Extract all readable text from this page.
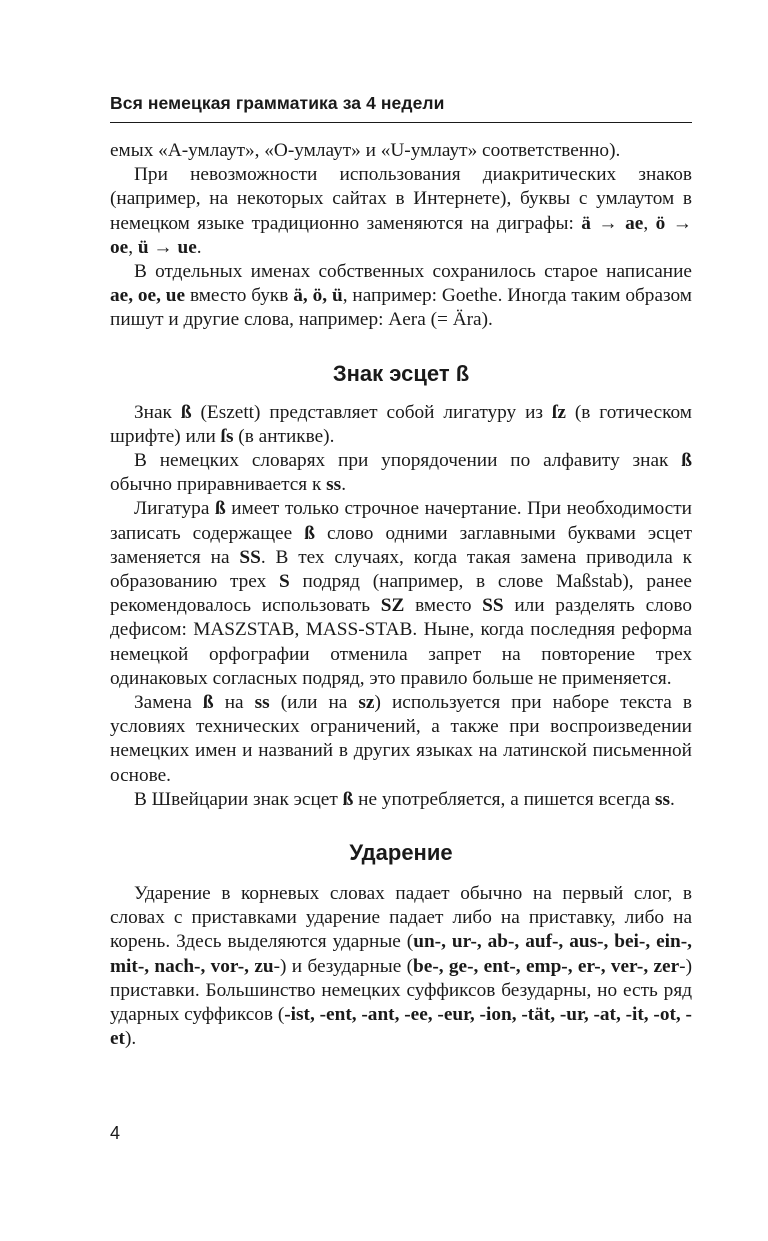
Вся немецкая грамматика за 4 недели

емых «А-умлаут», «О-умлаут» и «U-умлаут» соответственно).

При невозможности использования диакритических знаков (например, на некоторых сайтах в Интернете), буквы с умлаутом в немецком языке традиционно заменяются на диграфы: ä → ae, ö → oe, ü → ue.

В отдельных именах собственных сохранилось старое написание ae, oe, ue вместо букв ä, ö, ü, например: Goethe. Иногда таким образом пишут и другие слова, например: Aera (= Ära).

Знак эсцет ß

Знак ß (Eszett) представляет собой лигатуру из ſz (в готическом шрифте) или ſs (в антикве).

В немецких словарях при упорядочении по алфавиту знак ß обычно приравнивается к ss.

Лигатура ß имеет только строчное начертание. При необходимости записать содержащее ß слово одними заглавными буквами эсцет заменяется на SS. В тех случаях, когда такая замена приводила к образованию трех S подряд (например, в слове Maßstab), ранее рекомендовалось использовать SZ вместо SS или разделять слово дефисом: MASZSTAB, MASS-STAB. Ныне, когда последняя реформа немецкой орфографии отменила запрет на повторение трех одинаковых согласных подряд, это правило больше не применяется.

Замена ß на ss (или на sz) используется при наборе текста в условиях технических ограничений, а также при воспроизведении немецких имен и названий в других языках на латинской письменной основе.

В Швейцарии знак эсцет ß не употребляется, а пишется всегда ss.

Ударение

Ударение в корневых словах падает обычно на первый слог, в словах с приставками ударение падает либо на приставку, либо на корень. Здесь выделяются ударные (un-, ur-, ab-, auf-, aus-, bei-, ein-, mit-, nach-, vor-, zu-) и безударные (be-, ge-, ent-, emp-, er-, ver-, zer-) приставки. Большинство немецких суффиксов безударны, но есть ряд ударных суффиксов (-ist, -ent, -ant, -ee, -eur, -ion, -tät, -ur, -at, -it, -ot, -et).

4
